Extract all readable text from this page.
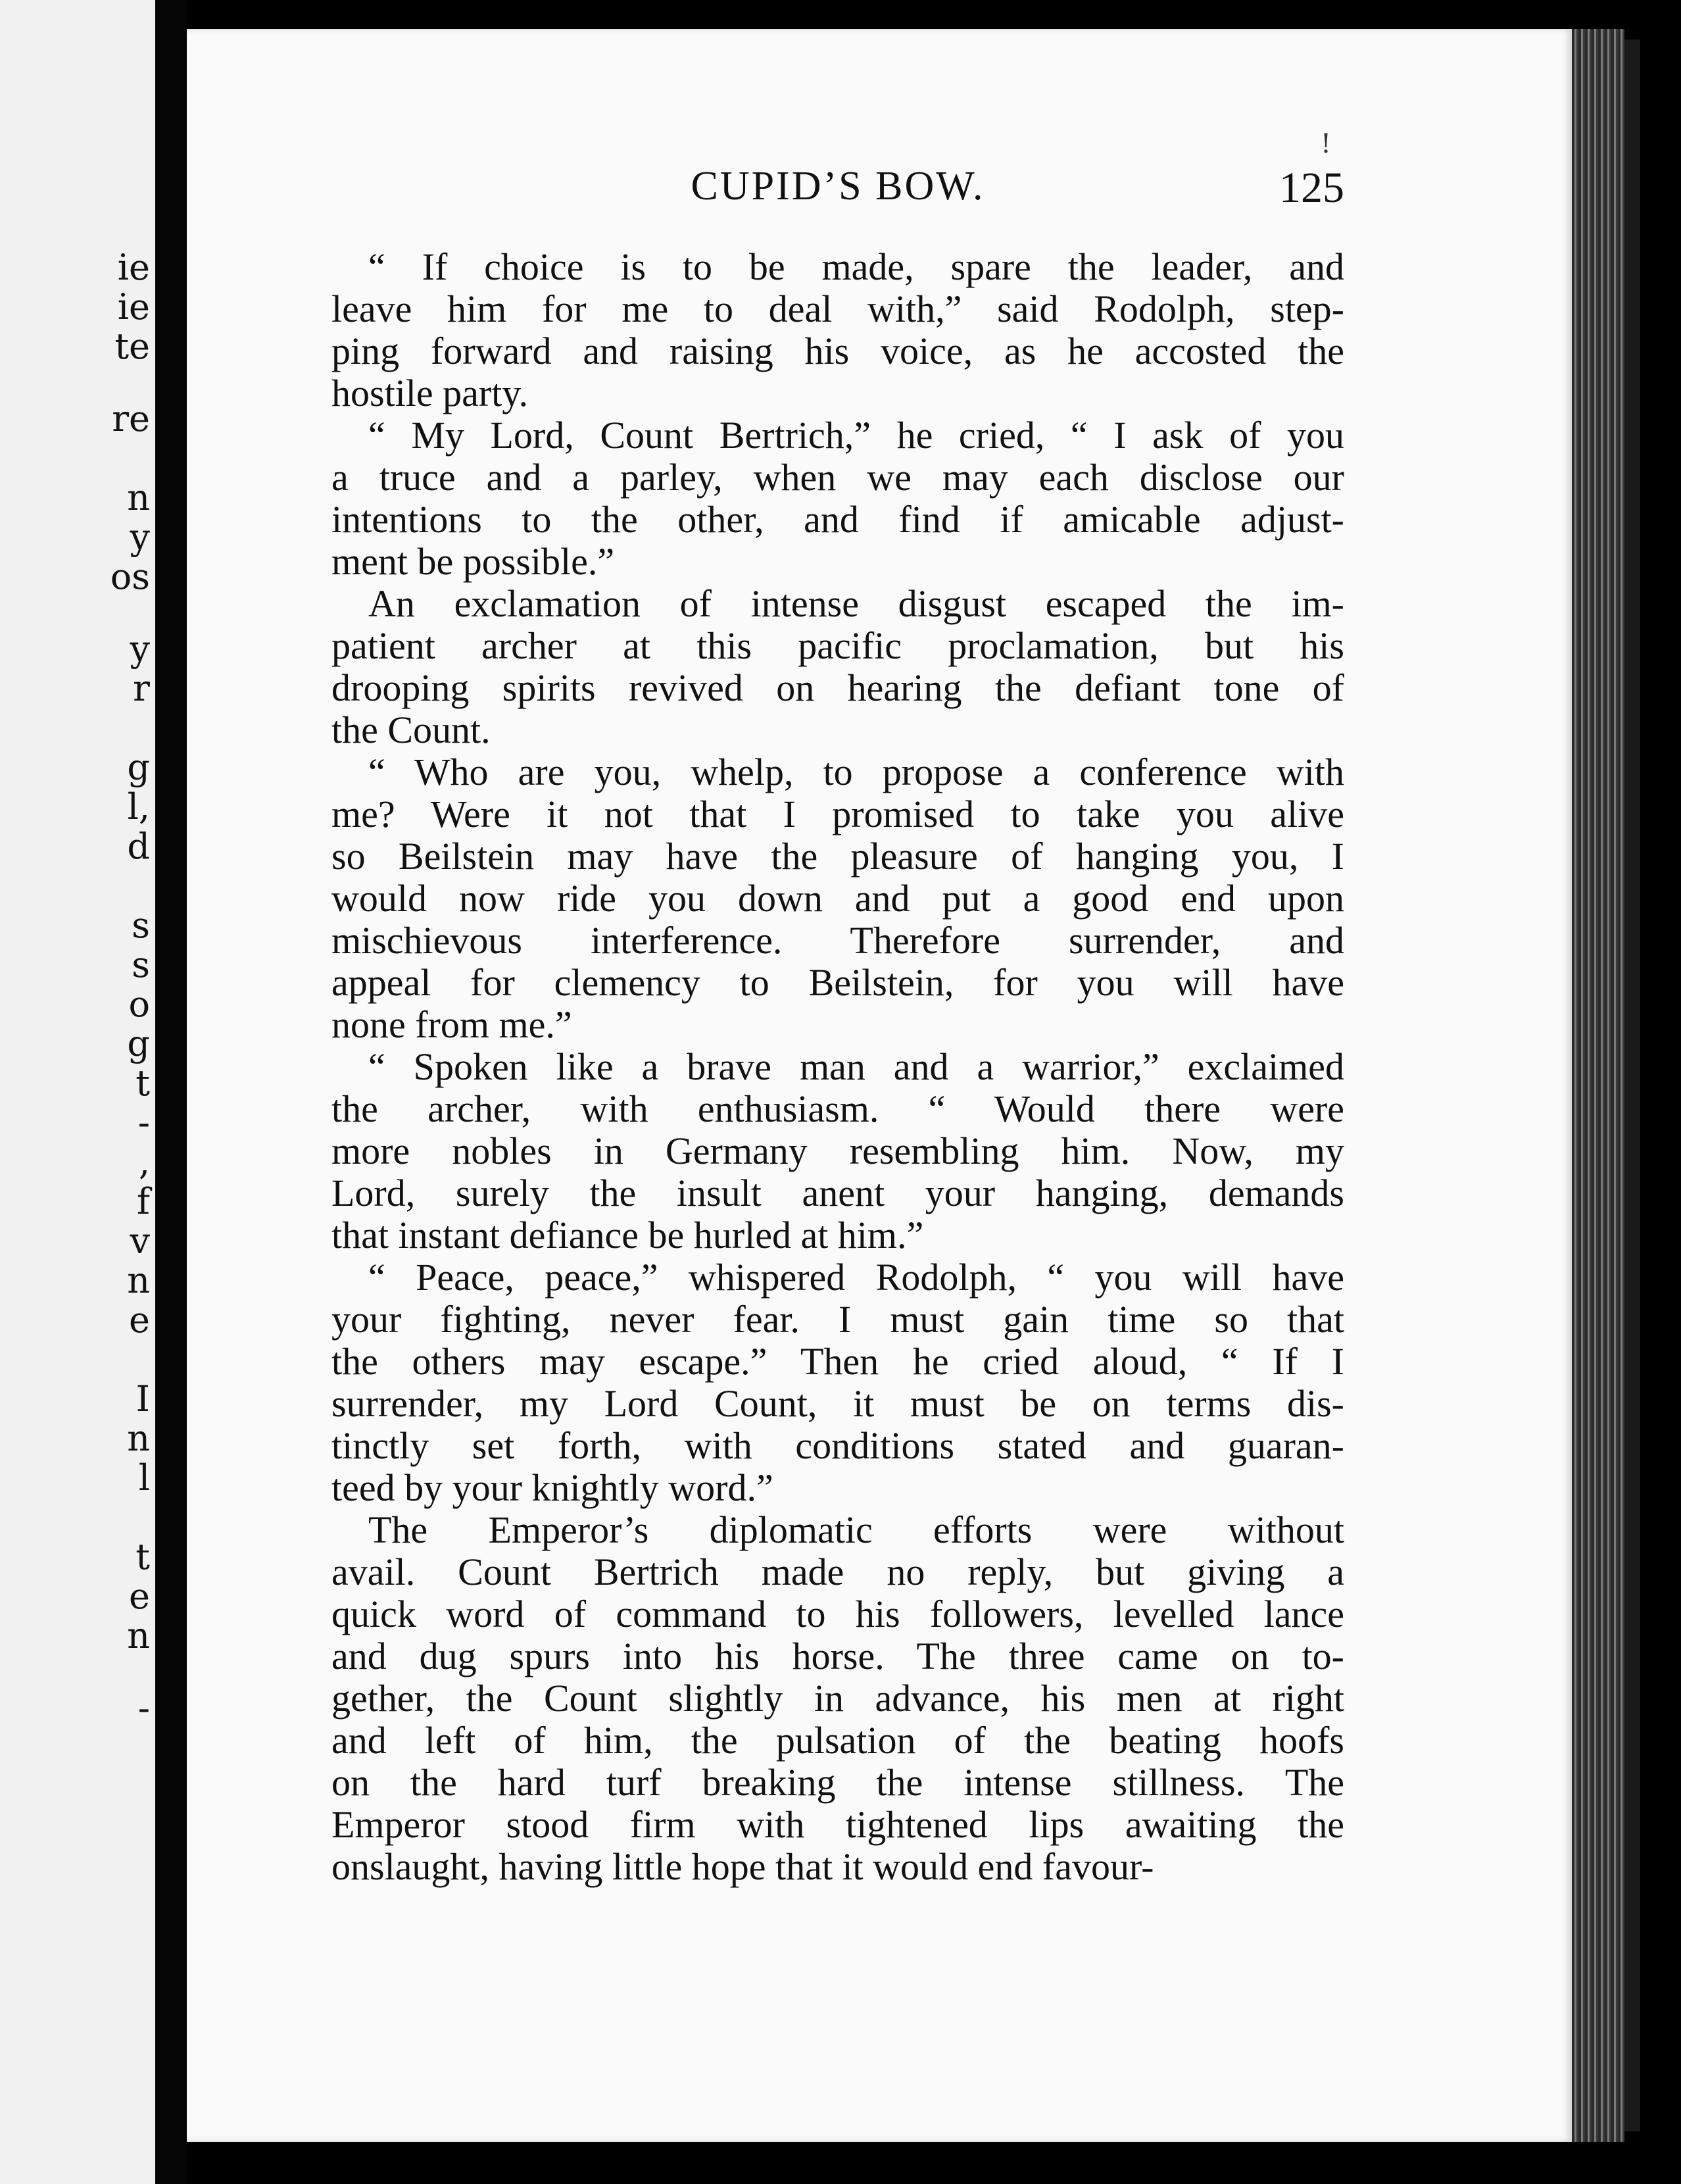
ie
ie
te
re
n
y
os
y
r
g
l,
d
s
s
o
g
t
-
,
f
v
n
e
I
n
l
t
e
n
-
!
CUPID’S BOW.	125
“ If choice is to be made, spare the leader, and
leave him for me to deal with,” said Rodolph, step-
ping forward and raising his voice, as he accosted the
hostile party.
“ My Lord, Count Bertrich,” he cried, “ I ask of you
a truce and a parley, when we may each disclose our
intentions to the other, and find if amicable adjust-
ment be possible.”
An exclamation of intense disgust escaped the im-
patient archer at this pacific proclamation, but his
drooping spirits revived on hearing the defiant tone of
the Count.
“ Who are you, whelp, to propose a conference with
me? Were it not that I promised to take you alive
so Beilstein may have the pleasure of hanging you, I
would now ride you down and put a good end upon
mischievous interference. Therefore surrender, and
appeal for clemency to Beilstein, for you will have
none from me.”
“ Spoken like a brave man and a warrior,” exclaimed
the archer, with enthusiasm. “ Would there were
more nobles in Germany resembling him. Now, my
Lord, surely the insult anent your hanging, demands
that instant defiance be hurled at him.”
“ Peace, peace,” whispered Rodolph, “ you will have
your fighting, never fear. I must gain time so that
the others may escape.” Then he cried aloud, “ If I
surrender, my Lord Count, it must be on terms dis-
tinctly set forth, with conditions stated and guaran-
teed by your knightly word.”
The Emperor’s diplomatic efforts were without
avail. Count Bertrich made no reply, but giving a
quick word of command to his followers, levelled lance
and dug spurs into his horse. The three came on to-
gether, the Count slightly in advance, his men at right
and left of him, the pulsation of the beating hoofs
on the hard turf breaking the intense stillness. The
Emperor stood firm with tightened lips awaiting the
onslaught, having little hope that it would end favour-
